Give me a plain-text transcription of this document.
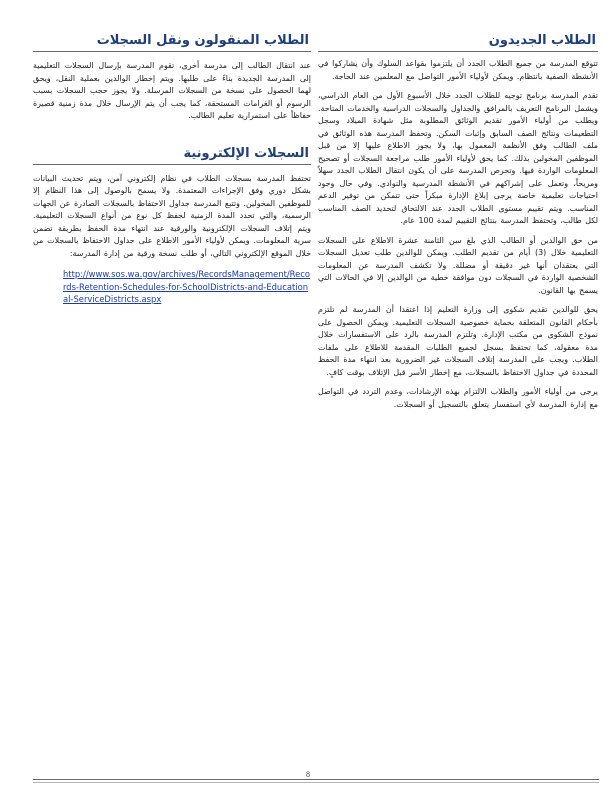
الطلاب الجديدون

تتوقع المدرسة من جميع الطلاب الجدد أن يلتزموا بقواعد السلوك وأن يشاركوا في الأنشطة الصفية بانتظام. ويمكن لأولياء الأمور التواصل مع المعلمين عند الحاجة.

تقدم المدرسة برنامج توجيه للطلاب الجدد خلال الأسبوع الأول من العام الدراسي، ويشمل البرنامج التعريف بالمرافق والجداول والسجلات الدراسية والخدمات المتاحة. ويطلب من أولياء الأمور تقديم الوثائق المطلوبة مثل شهادة الميلاد وسجل التطعيمات ونتائج الصف السابق وإثبات السكن. وتحفظ المدرسة هذه الوثائق في ملف الطالب وفق الأنظمة المعمول بها، ولا يجوز الاطلاع عليها إلا من قبل الموظفين المخولين بذلك. كما يحق لأولياء الأمور طلب مراجعة السجلات أو تصحيح المعلومات الواردة فيها. وتحرص المدرسة على أن يكون انتقال الطلاب الجدد سهلاً ومريحاً، وتعمل على إشراكهم في الأنشطة المدرسية والنوادي. وفي حال وجود احتياجات تعليمية خاصة يرجى إبلاغ الإدارة مبكراً حتى تتمكن من توفير الدعم المناسب. ويتم تقييم مستوى الطلاب الجدد عند الالتحاق لتحديد الصف المناسب لكل طالب، وتحتفظ المدرسة بنتائج التقييم لمدة 100 عام.

من حق الوالدين أو الطالب الذي بلغ سن الثامنة عشرة الاطلاع على السجلات التعليمية خلال (3) أيام من تقديم الطلب. ويمكن للوالدين طلب تعديل السجلات التي يعتقدان أنها غير دقيقة أو مضللة. ولا تكشف المدرسة عن المعلومات الشخصية الواردة في السجلات دون موافقة خطية من الوالدين إلا في الحالات التي يسمح بها القانون.

يحق للوالدين تقديم شكوى إلى وزارة التعليم إذا اعتقدا أن المدرسة لم تلتزم بأحكام القانون المتعلقة بحماية خصوصية السجلات التعليمية. ويمكن الحصول على نموذج الشكوى من مكتب الإدارة. وتلتزم المدرسة بالرد على الاستفسارات خلال مدة معقولة، كما تحتفظ بسجل لجميع الطلبات المقدمة للاطلاع على ملفات الطلاب. ويجب على المدرسة إتلاف السجلات غير الضرورية بعد انتهاء مدة الحفظ المحددة في جداول الاحتفاظ بالسجلات، مع إخطار الأسر قبل الإتلاف بوقت كافٍ.

يرجى من أولياء الأمور والطلاب الالتزام بهذه الإرشادات، وعدم التردد في التواصل مع إدارة المدرسة لأي استفسار يتعلق بالتسجيل أو السجلات.

الطلاب المنقولون ونقل السجلات

عند انتقال الطالب إلى مدرسة أخرى، تقوم المدرسة بإرسال السجلات التعليمية إلى المدرسة الجديدة بناءً على طلبها. ويتم إخطار الوالدين بعملية النقل، ويحق لهما الحصول على نسخة من السجلات المرسلة. ولا يجوز حجب السجلات بسبب الرسوم أو الغرامات المستحقة، كما يجب أن يتم الإرسال خلال مدة زمنية قصيرة حفاظاً على استمرارية تعليم الطالب.

السجلات الإلكترونية

تحتفظ المدرسة بسجلات الطلاب في نظام إلكتروني آمن، ويتم تحديث البيانات بشكل دوري وفق الإجراءات المعتمدة. ولا يسمح بالوصول إلى هذا النظام إلا للموظفين المخولين. وتتبع المدرسة جداول الاحتفاظ بالسجلات الصادرة عن الجهات الرسمية، والتي تحدد المدة الزمنية لحفظ كل نوع من أنواع السجلات التعليمية. ويتم إتلاف السجلات الإلكترونية والورقية عند انتهاء مدة الحفظ بطريقة تضمن سرية المعلومات. ويمكن لأولياء الأمور الاطلاع على جداول الاحتفاظ بالسجلات من خلال الموقع الإلكتروني التالي، أو طلب نسخة ورقية من إدارة المدرسة:

http://www.sos.wa.gov/archives/RecordsManagement/Records-Retention-Schedules-for-SchoolDistricts-and-Educational-ServiceDistricts.aspx
8
